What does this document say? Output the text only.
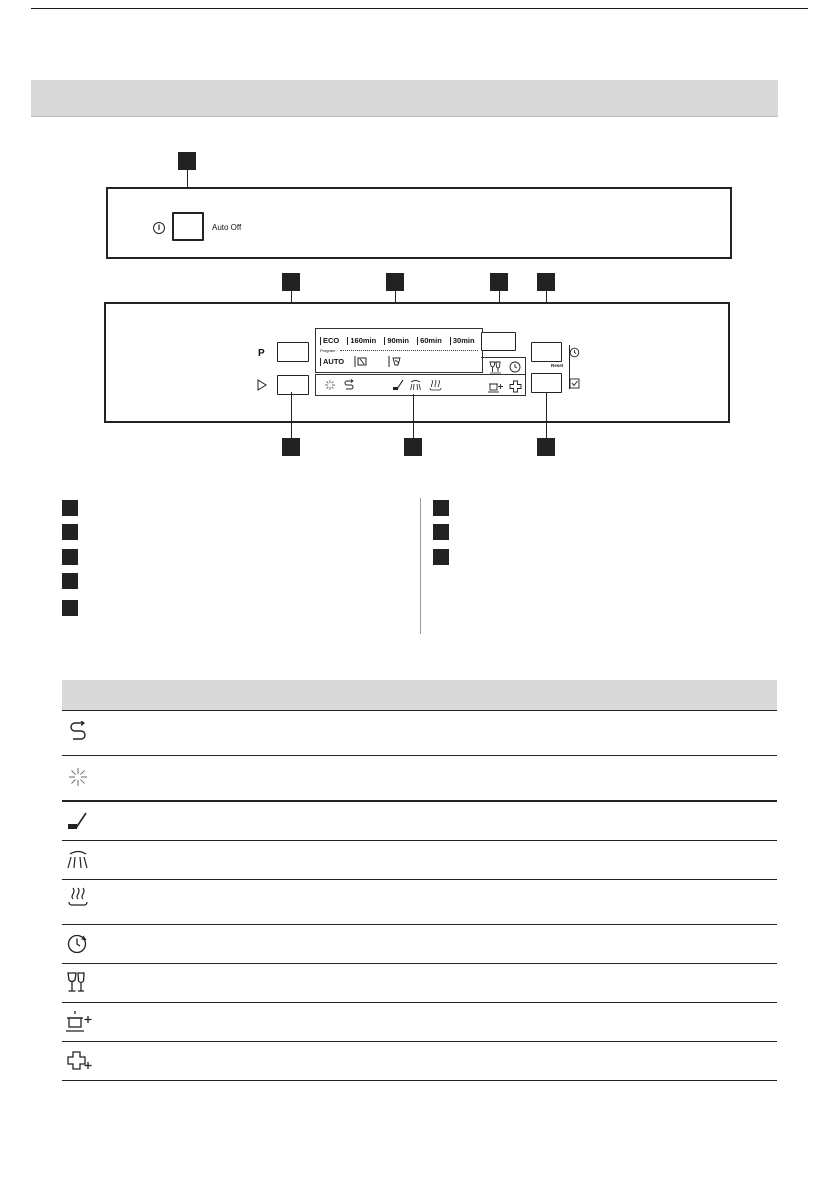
Auto Off
P
ECO 160min 90min 60min 30min
Program
AUTO	Reset
